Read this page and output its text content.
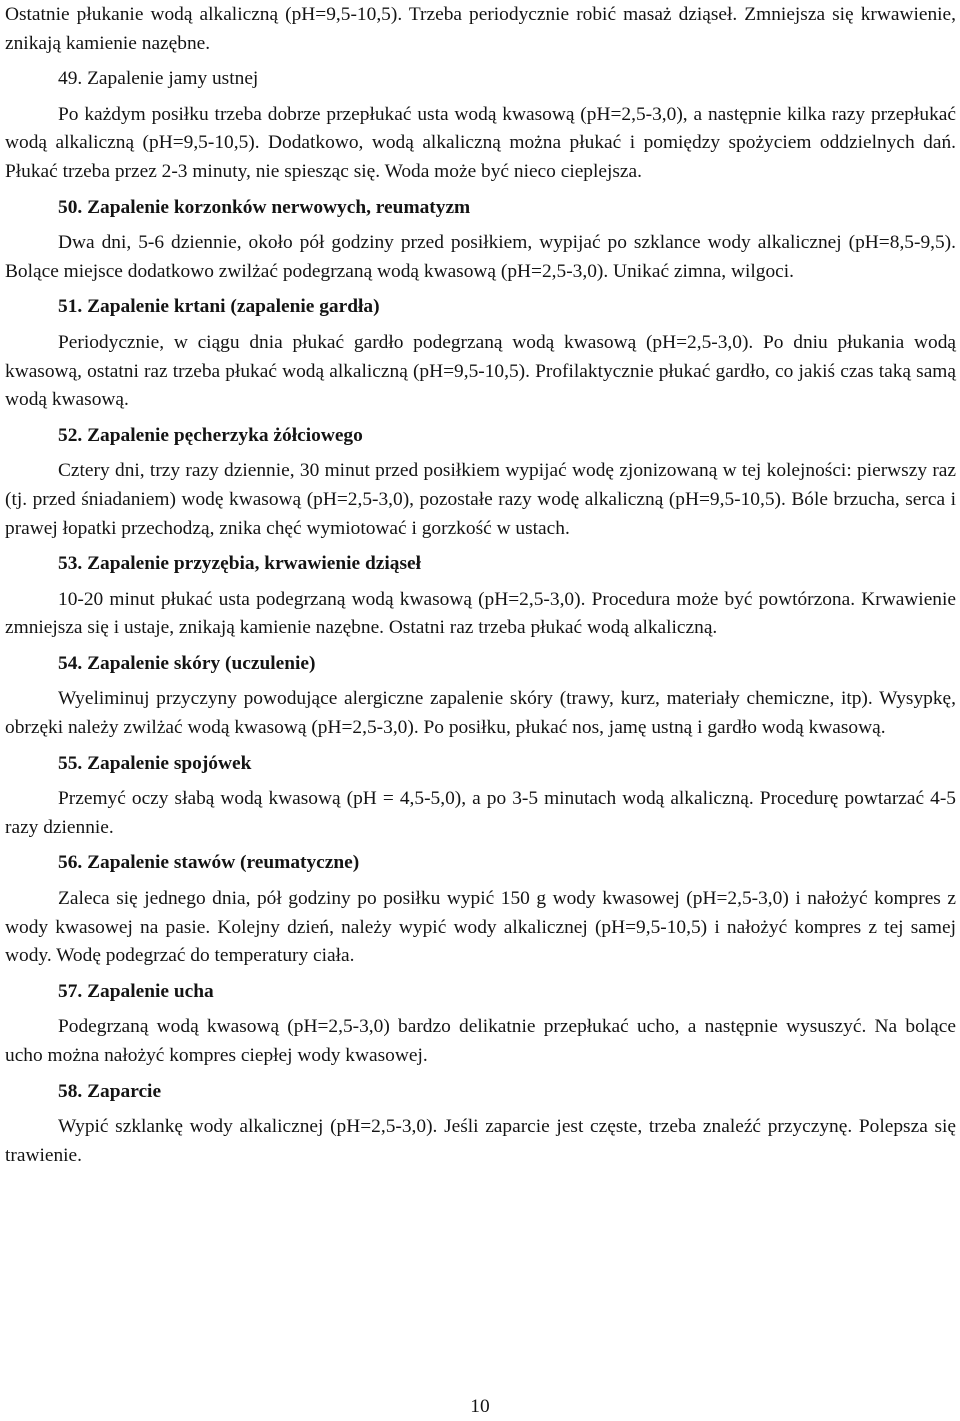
Ostatnie płukanie wodą alkaliczną (pH=9,5-10,5). Trzeba periodycznie robić masaż dziąseł. Zmniejsza się krwawienie, znikają kamienie nazębne.

49. Zapalenie jamy ustnej

Po każdym posiłku trzeba dobrze przepłukać usta wodą kwasową (pH=2,5-3,0), a następnie kilka razy przepłukać wodą alkaliczną (pH=9,5-10,5). Dodatkowo, wodą alkaliczną można płukać i pomiędzy spożyciem oddzielnych dań. Płukać trzeba przez 2-3 minuty, nie spiesząc się. Woda może być nieco cieplejsza.

50. Zapalenie korzonków nerwowych, reumatyzm

Dwa dni, 5-6 dziennie, około pół godziny przed posiłkiem, wypijać po szklance wody alkalicznej (pH=8,5-9,5). Bolące miejsce dodatkowo zwilżać podegrzaną wodą kwasową (pH=2,5-3,0). Unikać zimna, wilgoci.

51. Zapalenie krtani (zapalenie gardła)

Periodycznie, w ciągu dnia płukać gardło podegrzaną wodą kwasową (pH=2,5-3,0). Po dniu płukania wodą kwasową, ostatni raz trzeba płukać wodą alkaliczną (pH=9,5-10,5). Profilaktycznie płukać gardło, co jakiś czas taką samą wodą kwasową.

52. Zapalenie pęcherzyka żółciowego

Cztery dni, trzy razy dziennie, 30 minut przed posiłkiem wypijać wodę zjonizowaną w tej kolejności: pierwszy raz (tj. przed śniadaniem) wodę kwasową (pH=2,5-3,0), pozostałe razy wodę alkaliczną (pH=9,5-10,5). Bóle brzucha, serca i prawej łopatki przechodzą, znika chęć wymiotować i gorzkość w ustach.

53. Zapalenie przyzębia, krwawienie dziąseł

10-20 minut płukać usta podegrzaną wodą kwasową (pH=2,5-3,0). Procedura może być powtórzona. Krwawienie zmniejsza się i ustaje, znikają kamienie nazębne. Ostatni raz trzeba płukać wodą alkaliczną.

54. Zapalenie skóry (uczulenie)

Wyeliminuj przyczyny powodujące alergiczne zapalenie skóry (trawy, kurz, materiały chemiczne, itp). Wysypkę, obrzęki należy zwilżać wodą kwasową (pH=2,5-3,0). Po posiłku, płukać nos, jamę ustną i gardło wodą kwasową.

55. Zapalenie spojówek

Przemyć oczy słabą wodą kwasową (pH = 4,5-5,0), a po 3-5 minutach wodą alkaliczną. Procedurę powtarzać 4-5 razy dziennie.

56. Zapalenie stawów (reumatyczne)

Zaleca się jednego dnia, pół godziny po posiłku wypić 150 g wody kwasowej (pH=2,5-3,0) i nałożyć kompres z wody kwasowej na pasie. Kolejny dzień, należy wypić wody alkalicznej (pH=9,5-10,5) i nałożyć kompres z tej samej wody. Wodę podegrzać do temperatury ciała.

57. Zapalenie ucha

Podegrzaną wodą kwasową (pH=2,5-3,0) bardzo delikatnie przepłukać ucho, a następnie wysuszyć. Na bolące ucho można nałożyć kompres ciepłej wody kwasowej.

58. Zaparcie

Wypić szklankę wody alkalicznej (pH=2,5-3,0). Jeśli zaparcie jest częste, trzeba znaleźć przyczynę. Polepsza się trawienie.

10
